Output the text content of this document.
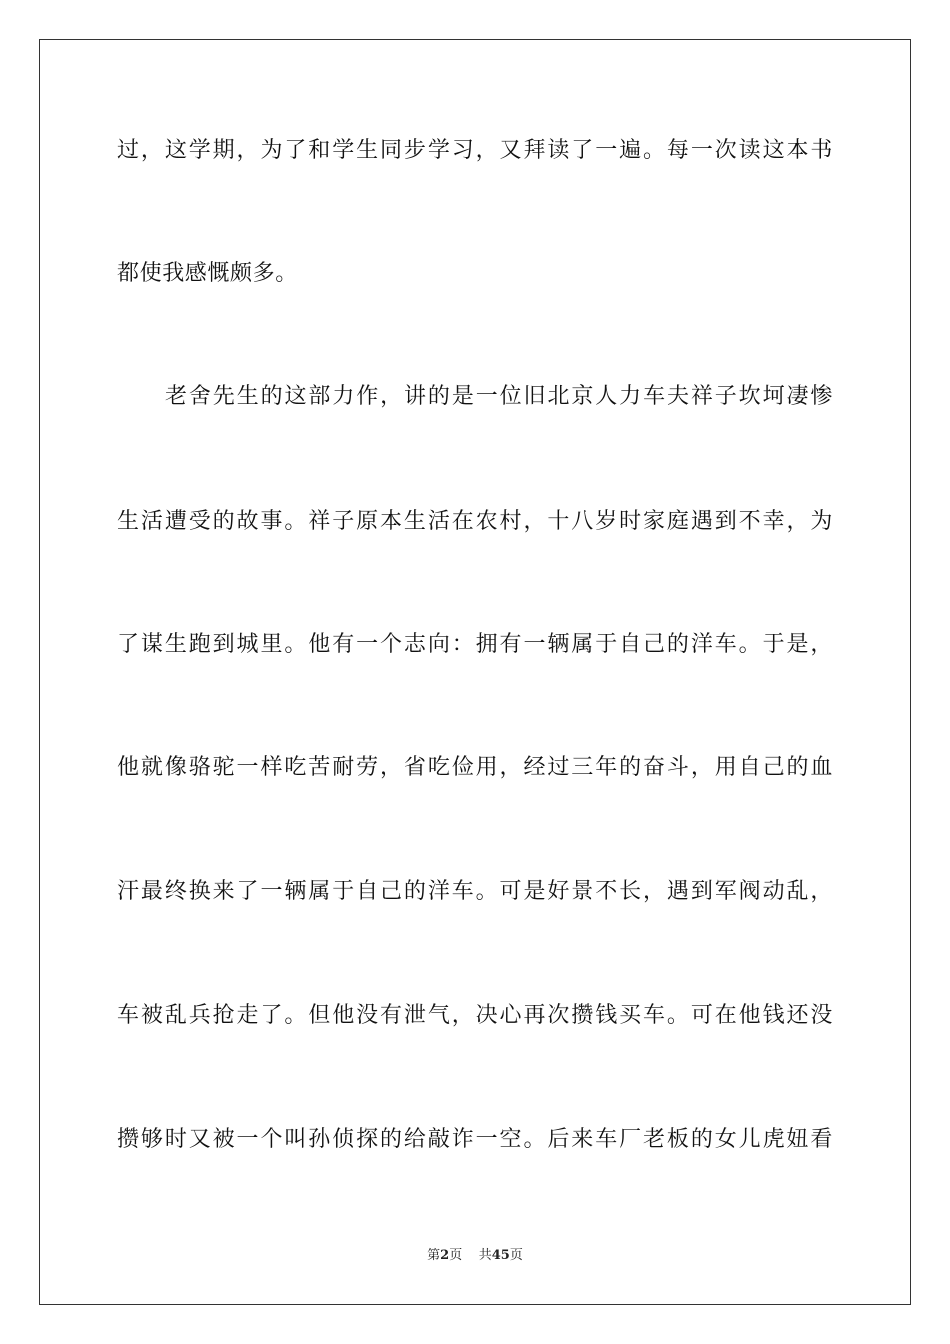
过，这学期，为了和学生同步学习，又拜读了一遍。每一次读这本书
都使我感慨颇多。
老舍先生的这部力作，讲的是一位旧北京人力车夫祥子坎坷凄惨
生活遭受的故事。祥子原本生活在农村，十八岁时家庭遇到不幸，为
了谋生跑到城里。他有一个志向：拥有一辆属于自己的洋车。于是，
他就像骆驼一样吃苦耐劳，省吃俭用，经过三年的奋斗，用自己的血
汗最终换来了一辆属于自己的洋车。可是好景不长，遇到军阀动乱，
车被乱兵抢走了。但他没有泄气，决心再次攒钱买车。可在他钱还没
攒够时又被一个叫孙侦探的给敲诈一空。后来车厂老板的女儿虎妞看
第2页 共45页
